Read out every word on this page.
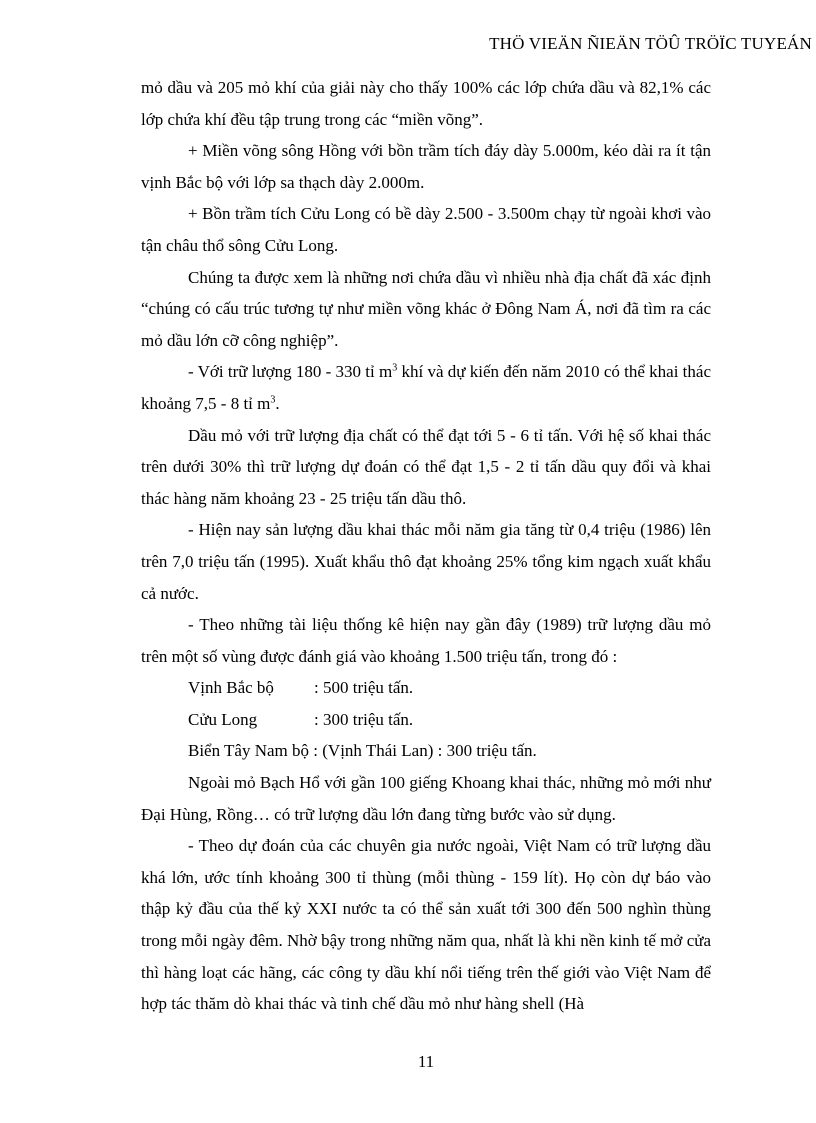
THÖ VIEÄN ÑIEÄN TÖÛ TRÖÏC TUYEÁN

mỏ dầu và 205 mỏ khí của giải này cho thấy 100% các lớp chứa dầu và 82,1% các lớp chứa khí đều tập trung trong các “miền võng”.

+ Miền võng sông Hồng với bồn trầm tích đáy dày 5.000m, kéo dài ra ít tận vịnh Bắc bộ với lớp sa thạch dày 2.000m.

+ Bồn trầm tích Cửu Long có bề dày 2.500 - 3.500m chạy từ ngoài khơi vào tận châu thổ sông Cửu Long.

Chúng ta được xem là những nơi chứa dầu vì nhiều nhà địa chất đã xác định “chúng có cấu trúc tương tự như miền võng khác ở Đông Nam Á, nơi đã tìm ra các mỏ dầu lớn cỡ công nghiệp”.

- Với trữ lượng 180 - 330 tỉ $m^3$ khí và dự kiến đến năm 2010 có thể khai thác khoảng 7,5 - 8 tỉ $m^3$.

Dầu mỏ với trữ lượng địa chất có thể đạt tới 5 - 6 tỉ tấn. Với hệ số khai thác trên dưới 30% thì trữ lượng dự đoán có thể đạt 1,5 - 2 tỉ tấn dầu quy đổi và khai thác hàng năm khoảng 23 - 25 triệu tấn dầu thô.

- Hiện nay sản lượng dầu khai thác mỗi năm gia tăng từ 0,4 triệu (1986) lên trên 7,0 triệu tấn (1995). Xuất khẩu thô đạt khoảng 25% tổng kim ngạch xuất khẩu cả nước.

- Theo những tài liệu thống kê hiện nay gần đây (1989) trữ lượng dầu mỏ trên một số vùng được đánh giá vào khoảng 1.500 triệu tấn, trong đó :

Vịnh Bắc bộ : 500 triệu tấn.
Cửu Long	: 300 triệu tấn.
Biển Tây Nam bộ : (Vịnh Thái Lan) : 300 triệu tấn.

Ngoài mỏ Bạch Hổ với gần 100 giếng Khoang khai thác, những mỏ mới như Đại Hùng, Rồng… có trữ lượng dầu lớn đang từng bước vào sử dụng.

- Theo dự đoán của các chuyên gia nước ngoài, Việt Nam có trữ lượng dầu khá lớn, ước tính khoảng 300 tỉ thùng (mỗi thùng - 159 lít). Họ còn dự báo vào thập kỷ đầu của thế kỷ XXI nước ta có thể sản xuất tới 300 đến 500 nghìn thùng trong mỗi ngày đêm. Nhờ bậy trong những năm qua, nhất là khi nền kinh tế mở cửa thì hàng loạt các hãng, các công ty dầu khí nổi tiếng trên thế giới vào Việt Nam để hợp tác thăm dò khai thác và tinh chế dầu mỏ như hàng shell (Hà

11
